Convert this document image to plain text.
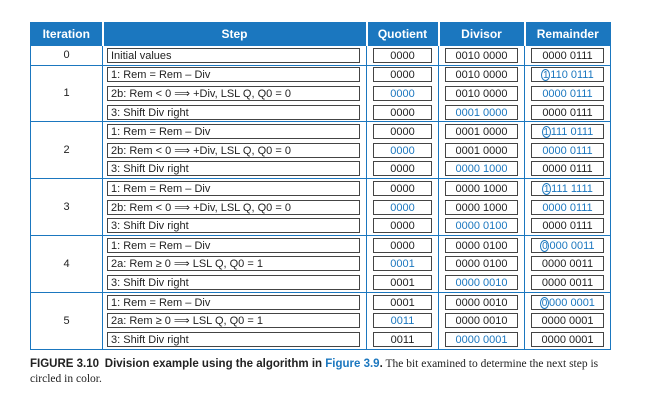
Iteration	Step	Quotient	Divisor	Remainder
0	Initial values	0000	0010 0000	0000 0111

1	1: Rem = Rem – Div	0000	0010 0000	1 110 0111

	2b: Rem < 0 ⟹ +Div, LSL Q, Q0 = 0	0000	0010 0000	0000 0111

	3: Shift Div right	0000	0001 0000	0000 0111

2	1: Rem = Rem – Div	0000	0001 0000	1 111 0111

	2b: Rem < 0 ⟹ +Div, LSL Q, Q0 = 0	0000	0001 0000	0000 0111

	3: Shift Div right	0000	0000 1000	0000 0111

3	1: Rem = Rem – Div	0000	0000 1000	1 111 1111

	2b: Rem < 0 ⟹ +Div, LSL Q, Q0 = 0	0000	0000 1000	0000 0111

	3: Shift Div right	0000	0000 0100	0000 0111

4	1: Rem = Rem – Div	0000	0000 0100	0 000 0011

	2a: Rem ≥ 0 ⟹ LSL Q, Q0 = 1	0001	0000 0100	0000 0011

	3: Shift Div right	0001	0000 0010	0000 0011

5	1: Rem = Rem – Div	0001	0000 0010	0 000 0001

	2a: Rem ≥ 0 ⟹ LSL Q, Q0 = 1	0011	0000 0010	0000 0001

	3: Shift Div right	0011	0000 0001	0000 0001
FIGURE 3.10 Division example using the algorithm in Figure 3.9. The bit examined to determine the next step is circled in color.
